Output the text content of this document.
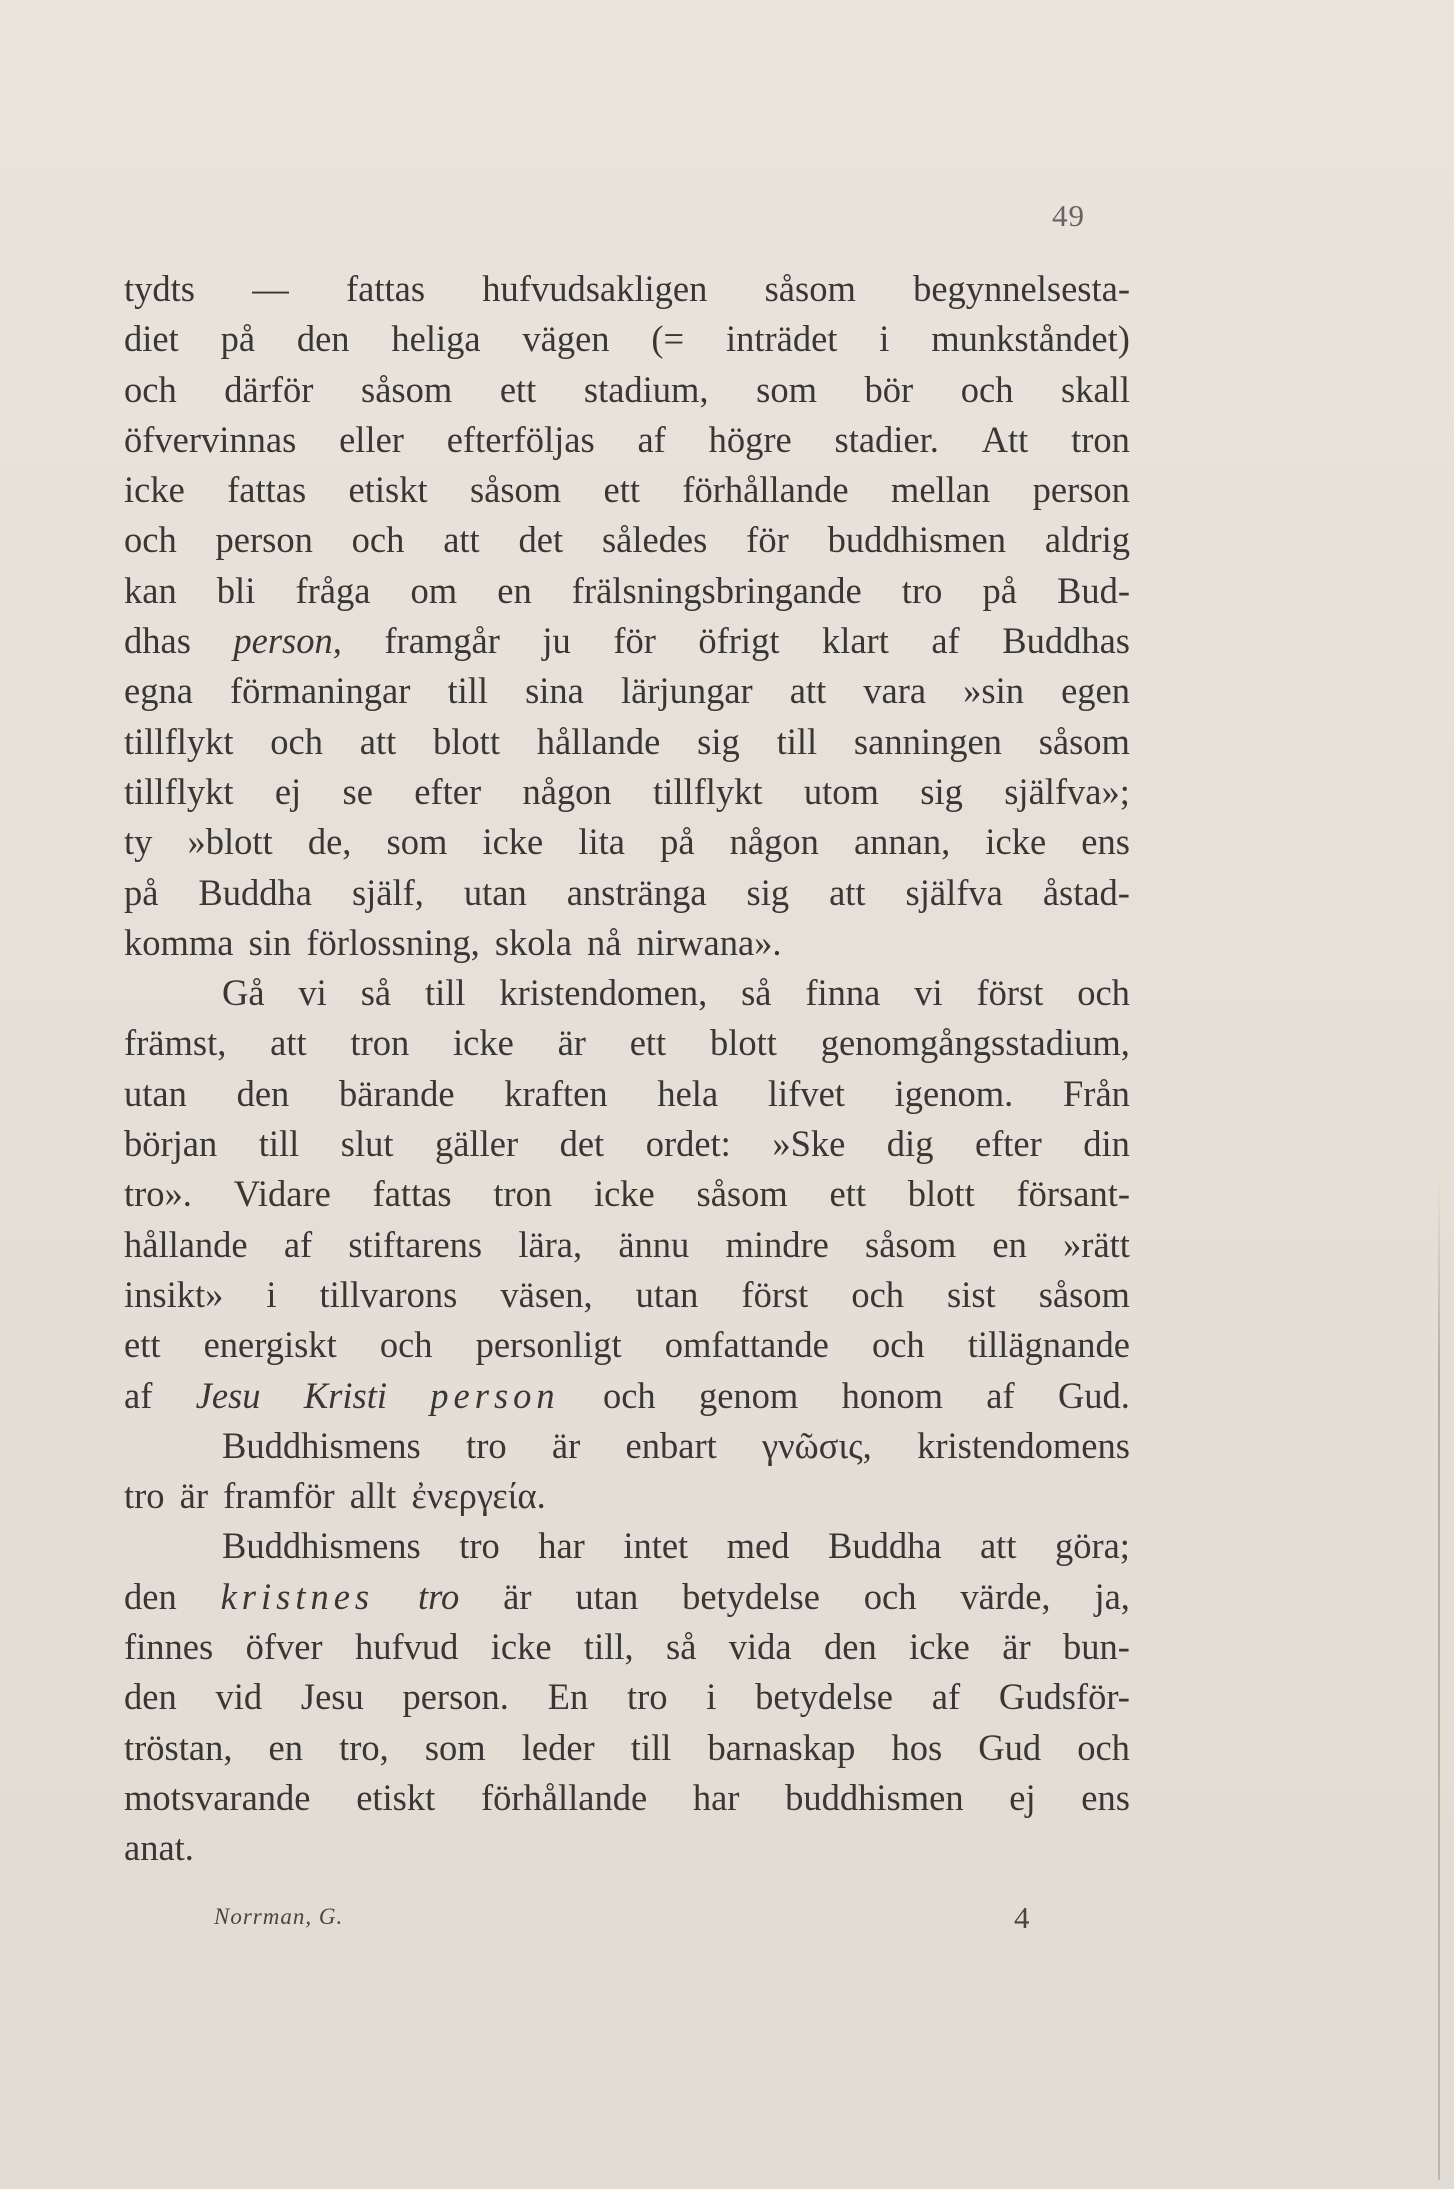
49
tydts — fattas hufvudsakligen såsom begynnelsesta-
diet på den heliga vägen (= inträdet i munkståndet)
och därför såsom ett stadium, som bör och skall
öfvervinnas eller efterföljas af högre stadier. Att tron
icke fattas etiskt såsom ett förhållande mellan person
och person och att det således för buddhismen aldrig
kan bli fråga om en frälsningsbringande tro på Bud-
dhas person, framgår ju för öfrigt klart af Buddhas
egna förmaningar till sina lärjungar att vara »sin egen
tillflykt och att blott hållande sig till sanningen såsom
tillflykt ej se efter någon tillflykt utom sig själfva»;
ty »blott de, som icke lita på någon annan, icke ens
på Buddha själf, utan anstränga sig att själfva åstad-
komma sin förlossning, skola nå nirwana».
Gå vi så till kristendomen, så finna vi först och
främst, att tron icke är ett blott genomgångsstadium,
utan den bärande kraften hela lifvet igenom. Från
början till slut gäller det ordet: »Ske dig efter din
tro». Vidare fattas tron icke såsom ett blott försant-
hållande af stiftarens lära, ännu mindre såsom en »rätt
insikt» i tillvarons väsen, utan först och sist såsom
ett energiskt och personligt omfattande och tillägnande
af Jesu Kristi person och genom honom af Gud.
Buddhismens tro är enbart γνῶσις, kristendomens
tro är framför allt ἐνεργεία.
Buddhismens tro har intet med Buddha att göra;
den kristnes tro är utan betydelse och värde, ja,
finnes öfver hufvud icke till, så vida den icke är bun-
den vid Jesu person. En tro i betydelse af Gudsför-
tröstan, en tro, som leder till barnaskap hos Gud och
motsvarande etiskt förhållande har buddhismen ej ens
anat.
Norrman, G.	4
